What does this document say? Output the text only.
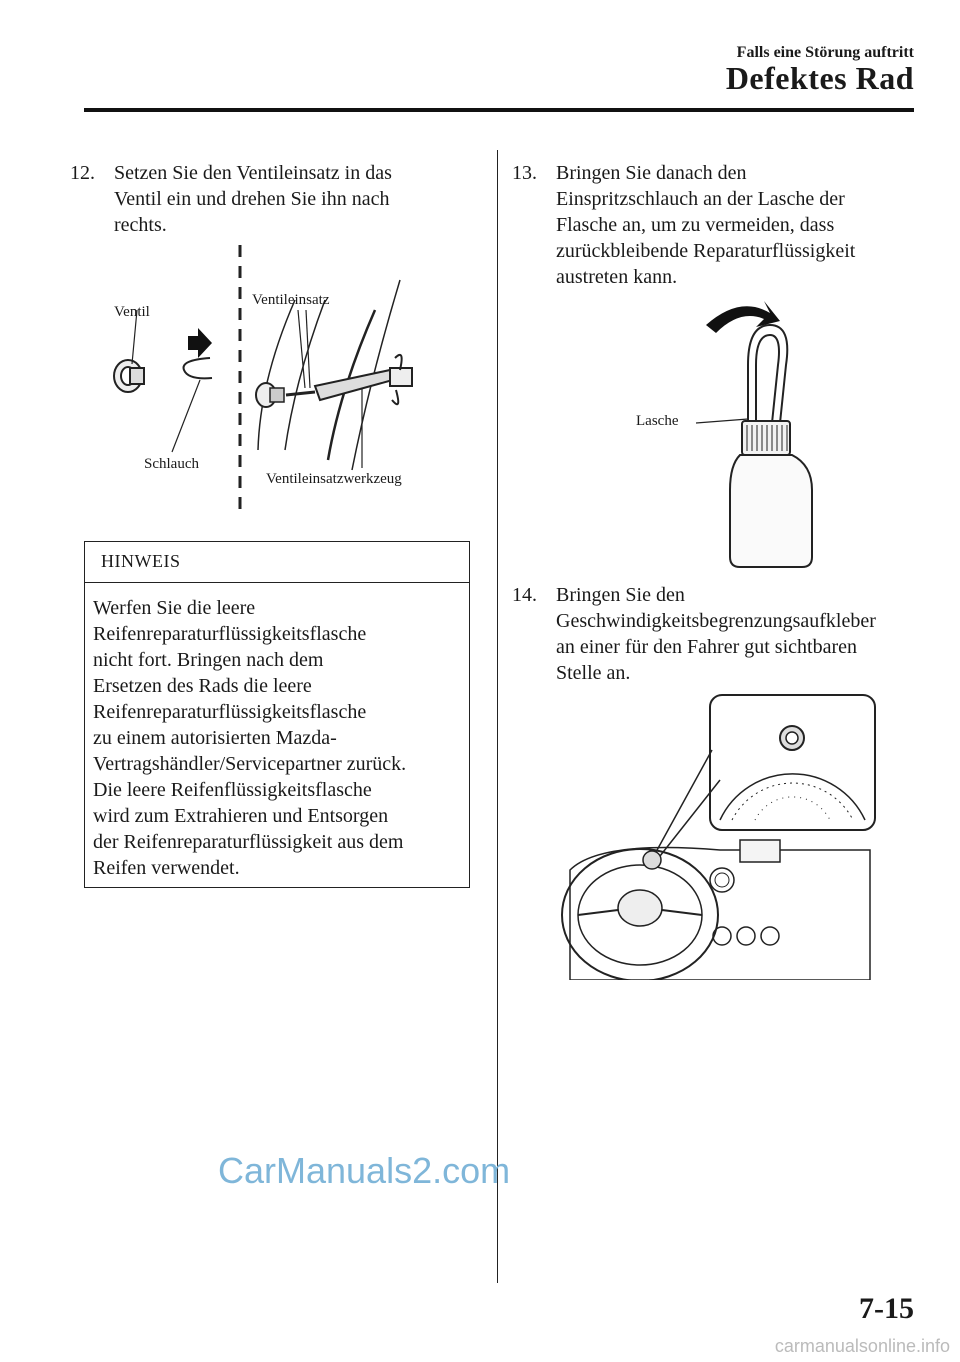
Falls eine Störung auftritt
Defektes Rad
12. Setzen Sie den Ventileinsatz in das
Ventil ein und drehen Sie ihn nach
rechts.
Ventil
Ventileinsatz
Schlauch
Ventileinsatzwerkzeug
HINWEIS
Werfen Sie die leere
Reifenreparaturflüssigkeitsflasche
nicht fort. Bringen nach dem
Ersetzen des Rads die leere
Reifenreparaturflüssigkeitsflasche
zu einem autorisierten Mazda-
Vertragshändler/Servicepartner zurück.
Die leere Reifenflüssigkeitsflasche
wird zum Extrahieren und Entsorgen
der Reifenreparaturflüssigkeit aus dem
Reifen verwendet.
13. Bringen Sie danach den
Einspritzschlauch an der Lasche der
Flasche an, um zu vermeiden, dass
zurückbleibende Reparaturflüssigkeit
austreten kann.
Lasche
14. Bringen Sie den
Geschwindigkeitsbegrenzungsaufkleber
an einer für den Fahrer gut sichtbaren
Stelle an.
CarManuals2.com
7-15
carmanualsonline.info
